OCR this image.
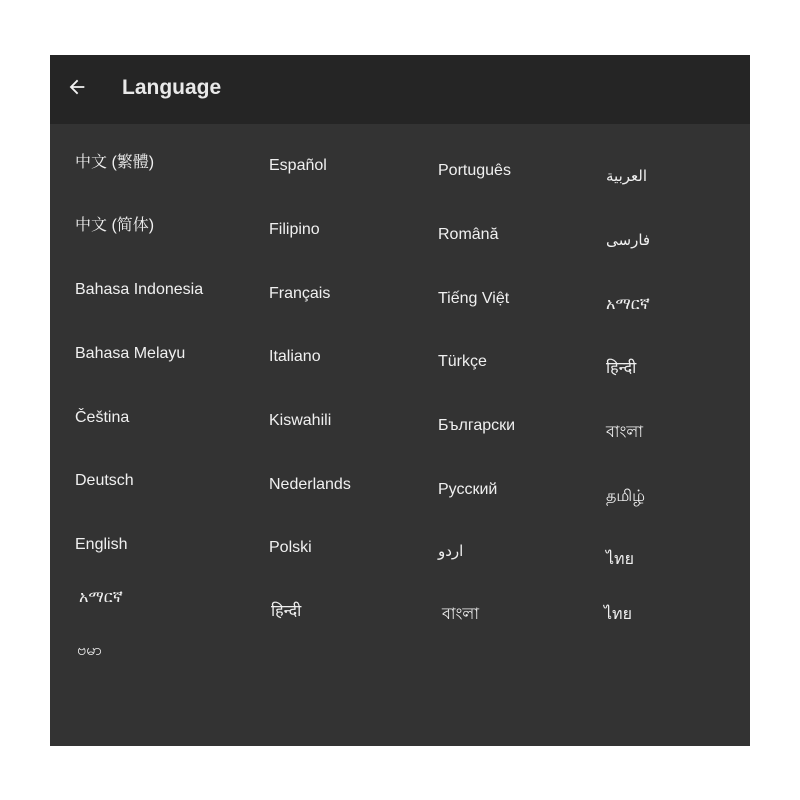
Language
中文 (繁體)
中文 (简体)
Bahasa Indonesia
Bahasa Melayu
Čeština
Deutsch
English
Español
Filipino
Français
Italiano
Kiswahili
Nederlands
Polski
Português
Română
Tiếng Việt
Türkçe
Български
Русский
اردو
العربية
فارسی
አማርኛ
हिन्दी
বাংলা
தமிழ்
ไทย
አማርኛ
हिन्दी	বাংলা	ไทย
ဗမာ
